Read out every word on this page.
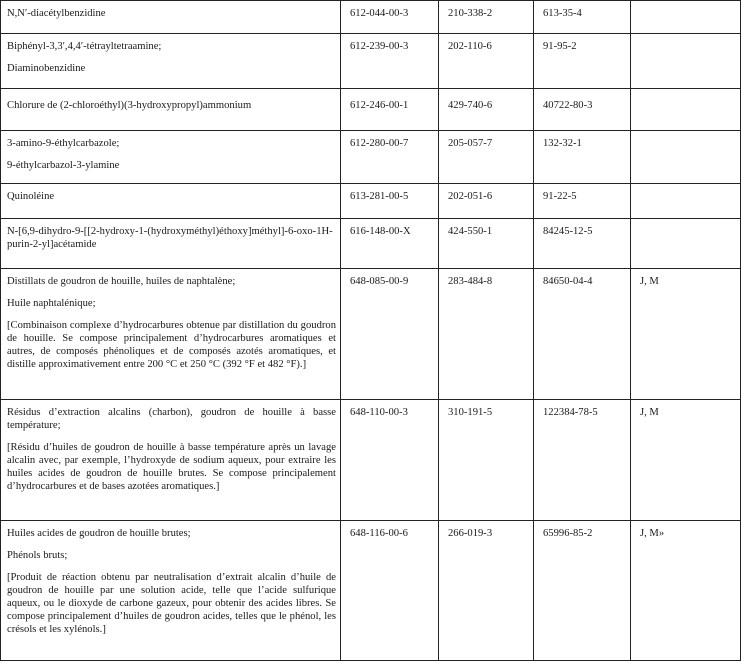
N,N′-diacétylbenzidine	612-044-00-3	210-338-2	613-35-4	

Biphényl-3,3′,4,4′-tétrayltetraamine;

Diaminobenzidine	612-239-00-3	202-110-6	91-95-2	

Chlorure de (2-chloroéthyl)(3-hydroxypropyl)ammonium	612-246-00-1	429-740-6	40722-80-3	

3-amino-9-éthylcarbazole;

9-éthylcarbazol-3-ylamine	612-280-00-7	205-057-7	132-32-1	

Quinoléine	613-281-00-5	202-051-6	91-22-5	

N-[6,9-dihydro-9-[[2-hydroxy-1-(hydroxyméthyl)éthoxy]méthyl]-6-oxo-1H-purin-2-yl]acétamide	616-148-00-X	424-550-1	84245-12-5	

Distillats de goudron de houille, huiles de naphtalène;

Huile naphtalénique;

[Combinaison complexe d’hydrocarbures obtenue par distillation du goudron de houille. Se compose principalement d’hydrocarbures aromatiques et autres, de composés phénoliques et de composés azotés aromatiques, et distille approximativement entre 200 °C et 250 °C (392 °F et 482 °F).]	648-085-00-9	283-484-8	84650-04-4	J, M

Résidus d’extraction alcalins (charbon), goudron de houille à basse température;

[Résidu d’huiles de goudron de houille à basse température après un lavage alcalin avec, par exemple, l’hydroxyde de sodium aqueux, pour extraire les huiles acides de goudron de houille brutes. Se compose principalement d’hydrocarbures et de bases azotées aromatiques.]	648-110-00-3	310-191-5	122384-78-5	J, M

Huiles acides de goudron de houille brutes;

Phénols bruts;

[Produit de réaction obtenu par neutralisation d’extrait alcalin d’huile de goudron de houille par une solution acide, telle que l’acide sulfurique aqueux, ou le dioxyde de carbone gazeux, pour obtenir des acides libres. Se compose principalement d’huiles de goudron acides, telles que le phénol, les crésols et les xylénols.]	648-116-00-6	266-019-3	65996-85-2	J, M»
